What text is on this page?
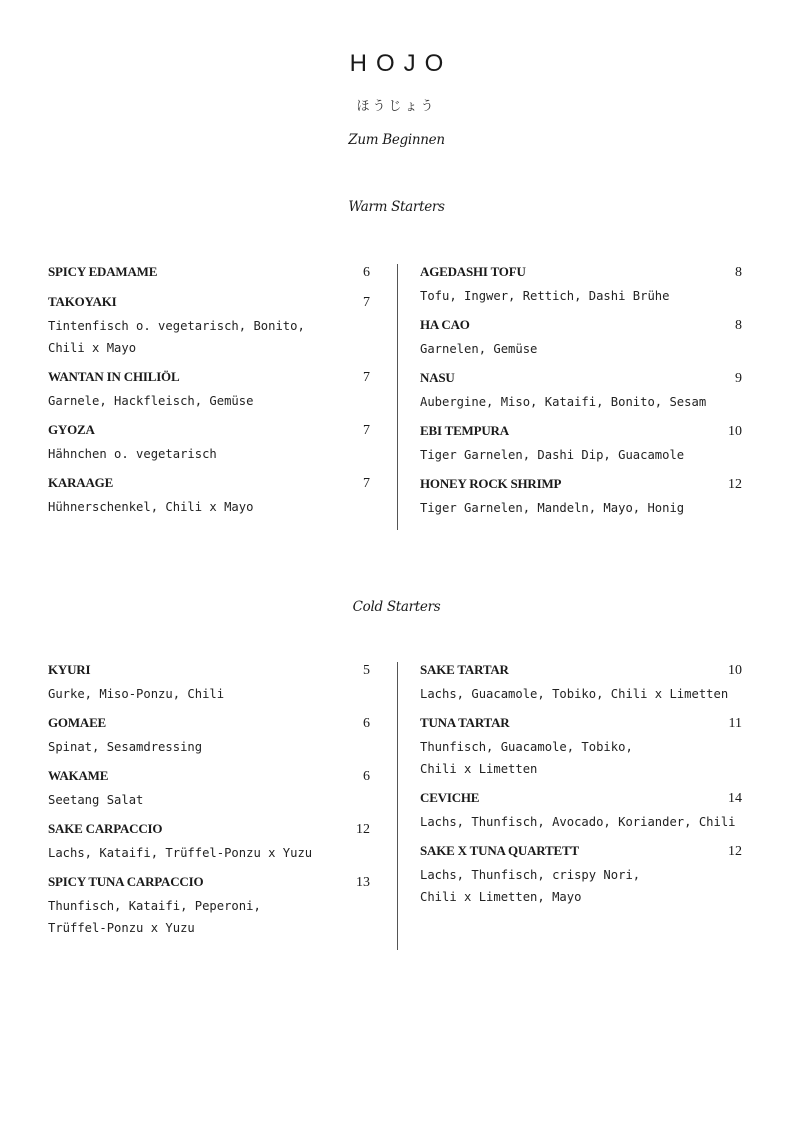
HOJO
ほうじょう
Zum Beginnen
Warm Starters
SPICY EDAMAME	6
TAKOYAKI	7
Tintenfisch o. vegetarisch, Bonito,
Chili x Mayo
WANTAN IN CHILIÖL	7
Garnele, Hackfleisch, Gemüse
GYOZA	7
Hähnchen o. vegetarisch
KARAAGE	7
Hühnerschenkel, Chili x Mayo
AGEDASHI TOFU	8
Tofu, Ingwer, Rettich, Dashi Brühe
HA CAO	8
Garnelen, Gemüse
NASU	9
Aubergine, Miso, Kataifi, Bonito, Sesam
EBI TEMPURA	10
Tiger Garnelen, Dashi Dip, Guacamole
HONEY ROCK SHRIMP	12
Tiger Garnelen, Mandeln, Mayo, Honig
Cold Starters
KYURI	5
Gurke, Miso-Ponzu, Chili
GOMAEE	6
Spinat, Sesamdressing
WAKAME	6
Seetang Salat
SAKE CARPACCIO	12
Lachs, Kataifi, Trüffel-Ponzu x Yuzu
SPICY TUNA CARPACCIO	13
Thunfisch, Kataifi, Peperoni,
Trüffel-Ponzu x Yuzu
SAKE TARTAR	10
Lachs, Guacamole, Tobiko, Chili x Limetten
TUNA TARTAR	11
Thunfisch, Guacamole, Tobiko,
Chili x Limetten
CEVICHE	14
Lachs, Thunfisch, Avocado, Koriander, Chili
SAKE X TUNA QUARTETT	12
Lachs, Thunfisch, crispy Nori,
Chili x Limetten, Mayo
